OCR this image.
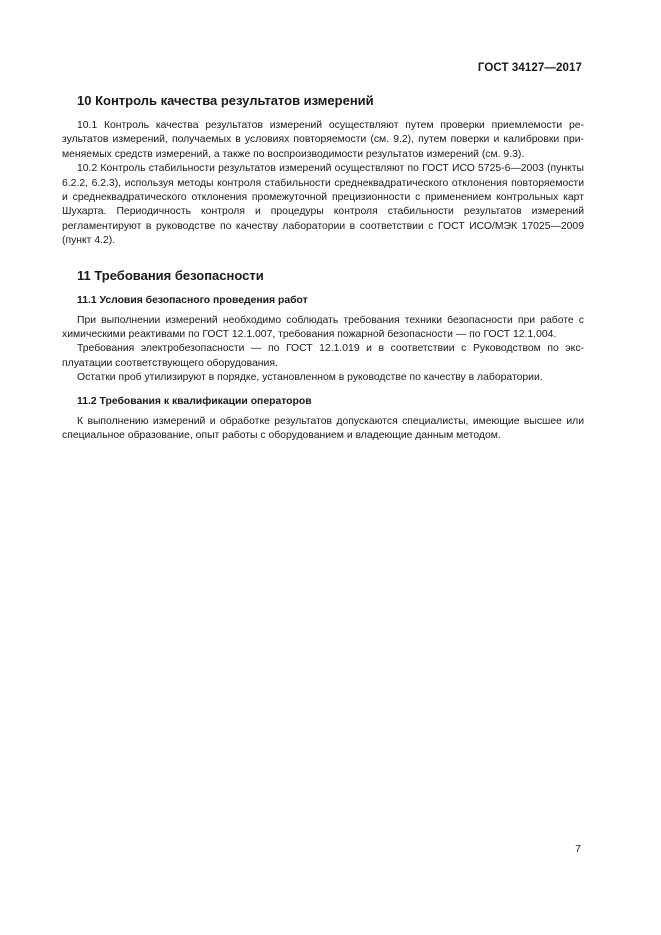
ГОСТ 34127—2017
10 Контроль качества результатов измерений

10.1 Контроль качества результатов измерений осуществляют путем проверки приемлемости ре-зультатов измерений, получаемых в условиях повторяемости (см. 9.2), путем поверки и калибровки при-меняемых средств измерений, а также по воспроизводимости результатов измерений (см. 9.3).

10.2 Контроль стабильности результатов измерений осуществляют по ГОСТ ИСО 5725-6—2003 (пункты 6.2.2, 6.2.3), используя методы контроля стабильности среднеквадратического отклонения повторяемости и среднеквадратического отклонения промежуточной прецизионности с применением контрольных карт Шухарта. Периодичность контроля и процедуры контроля стабильности результатов измерений регламентируют в руководстве по качеству лаборатории в соответствии с ГОСТ ИСО/МЭК 17025—2009 (пункт 4.2).

11 Требования безопасности
11.1 Условия безопасного проведения работ

При выполнении измерений необходимо соблюдать требования техники безопасности при работе с химическими реактивами по ГОСТ 12.1.007, требования пожарной безопасности — по ГОСТ 12.1.004.

Требования электробезопасности — по ГОСТ 12.1.019 и в соответствии с Руководством по экс-плуатации соответствующего оборудования.

Остатки проб утилизируют в порядке, установленном в руководстве по качеству в лаборатории.

11.2 Требования к квалификации операторов

К выполнению измерений и обработке результатов допускаются специалисты, имеющие высшее или специальное образование, опыт работы с оборудованием и владеющие данным методом.

7
